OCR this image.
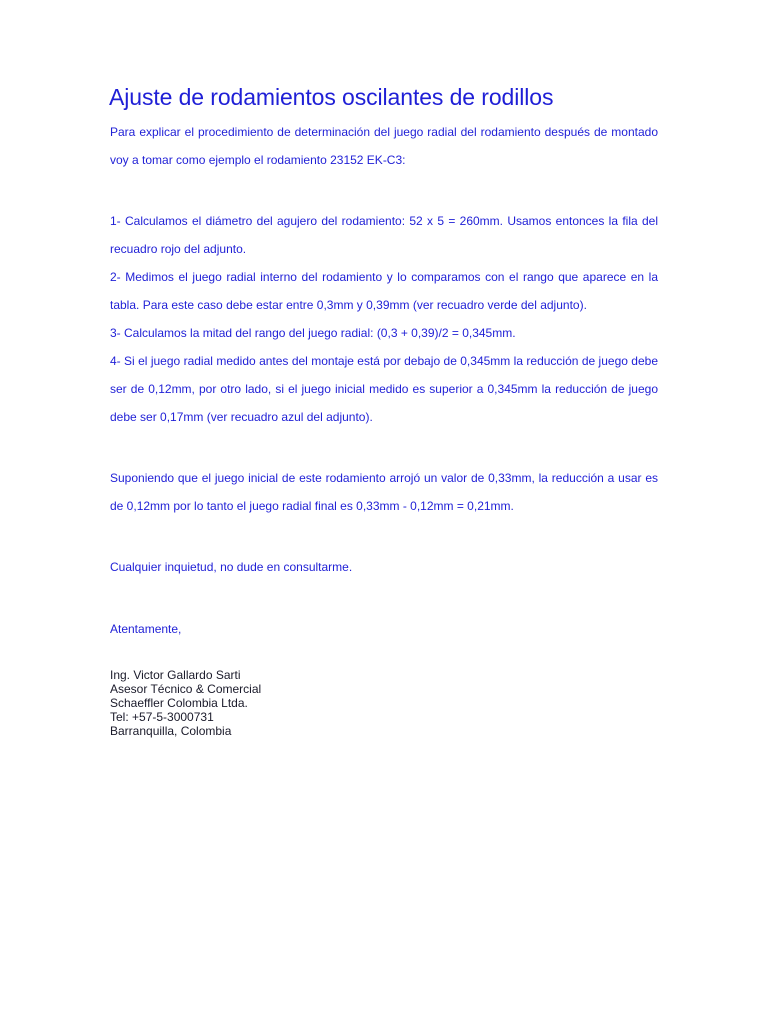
Ajuste de rodamientos oscilantes de rodillos
Para explicar el procedimiento de determinación del juego radial del rodamiento después de montado voy a tomar como ejemplo el rodamiento 23152 EK-C3:
1- Calculamos el diámetro del agujero del rodamiento: 52 x 5 = 260mm. Usamos entonces la fila del recuadro rojo del adjunto.
2- Medimos el juego radial interno del rodamiento y lo comparamos con el rango que aparece en la tabla. Para este caso debe estar entre 0,3mm y 0,39mm (ver recuadro verde del adjunto).
3- Calculamos la mitad del rango del juego radial: (0,3 + 0,39)/2 = 0,345mm.
4- Si el juego radial medido antes del montaje está por debajo de 0,345mm la reducción de juego debe ser de 0,12mm, por otro lado, si el juego inicial medido es superior a 0,345mm la reducción de juego debe ser 0,17mm (ver recuadro azul del adjunto).
Suponiendo que el juego inicial de este rodamiento arrojó un valor de 0,33mm, la reducción a usar es de 0,12mm por lo tanto el juego radial final es 0,33mm - 0,12mm = 0,21mm.
Cualquier inquietud, no dude en consultarme.
Atentamente,
Ing. Victor Gallardo Sarti
Asesor Técnico & Comercial
Schaeffler Colombia Ltda.
Tel: +57-5-3000731
Barranquilla, Colombia
